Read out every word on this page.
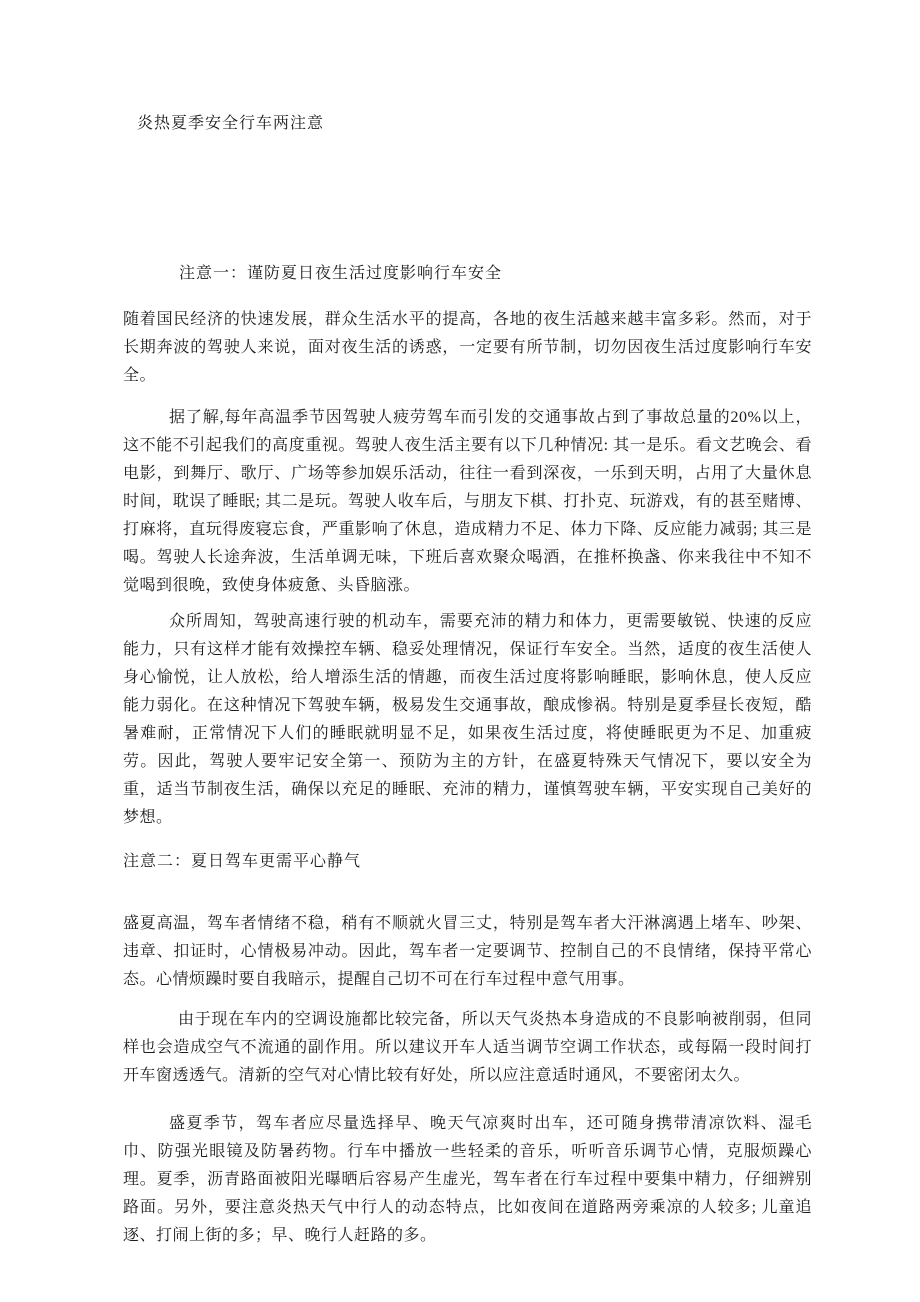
炎热夏季安全行车两注意

注意一：谨防夏日夜生活过度影响行车安全

随着国民经济的快速发展，群众生活水平的提高，各地的夜生活越来越丰富多彩。然而，对于长期奔波的驾驶人来说，面对夜生活的诱惑，一定要有所节制，切勿因夜生活过度影响行车安全。

据了解,每年高温季节因驾驶人疲劳驾车而引发的交通事故占到了事故总量的20%以上，这不能不引起我们的高度重视。驾驶人夜生活主要有以下几种情况: 其一是乐。看文艺晚会、看电影，到舞厅、歌厅、广场等参加娱乐活动，往往一看到深夜，一乐到天明，占用了大量休息时间，耽误了睡眠; 其二是玩。驾驶人收车后，与朋友下棋、打扑克、玩游戏，有的甚至赌博、打麻将，直玩得废寝忘食，严重影响了休息，造成精力不足、体力下降、反应能力减弱; 其三是喝。驾驶人长途奔波，生活单调无味，下班后喜欢聚众喝酒，在推杯换盏、你来我往中不知不觉喝到很晚，致使身体疲惫、头昏脑涨。

众所周知，驾驶高速行驶的机动车，需要充沛的精力和体力，更需要敏锐、快速的反应能力，只有这样才能有效操控车辆、稳妥处理情况，保证行车安全。当然，适度的夜生活使人身心愉悦，让人放松，给人增添生活的情趣，而夜生活过度将影响睡眠，影响休息，使人反应能力弱化。在这种情况下驾驶车辆，极易发生交通事故，酿成惨祸。特别是夏季昼长夜短，酷暑难耐，正常情况下人们的睡眠就明显不足，如果夜生活过度，将使睡眠更为不足、加重疲劳。因此，驾驶人要牢记安全第一、预防为主的方针，在盛夏特殊天气情况下，要以安全为重，适当节制夜生活，确保以充足的睡眠、充沛的精力，谨慎驾驶车辆，平安实现自己美好的梦想。

注意二：夏日驾车更需平心静气

盛夏高温，驾车者情绪不稳，稍有不顺就火冒三丈，特别是驾车者大汗淋漓遇上堵车、吵架、违章、扣证时，心情极易冲动。因此，驾车者一定要调节、控制自己的不良情绪，保持平常心态。心情烦躁时要自我暗示，提醒自己切不可在行车过程中意气用事。

由于现在车内的空调设施都比较完备，所以天气炎热本身造成的不良影响被削弱，但同样也会造成空气不流通的副作用。所以建议开车人适当调节空调工作状态，或每隔一段时间打开车窗透透气。清新的空气对心情比较有好处，所以应注意适时通风，不要密闭太久。

盛夏季节，驾车者应尽量选择早、晚天气凉爽时出车，还可随身携带清凉饮料、湿毛巾、防强光眼镜及防暑药物。行车中播放一些轻柔的音乐，听听音乐调节心情，克服烦躁心理。夏季，沥青路面被阳光曝晒后容易产生虚光，驾车者在行车过程中要集中精力，仔细辨别路面。另外，要注意炎热天气中行人的动态特点，比如夜间在道路两旁乘凉的人较多; 儿童追逐、打闹上街的多；早、晚行人赶路的多。
